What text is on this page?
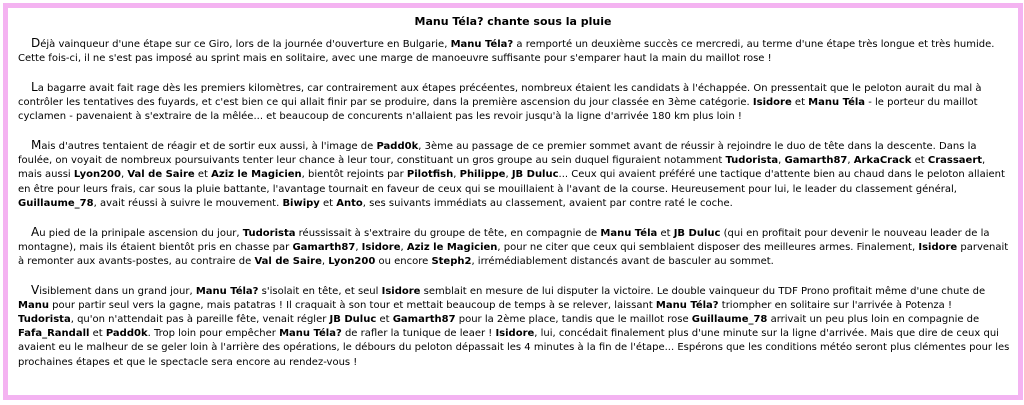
Manu Téla? chante sous la pluie

Déjà vainqueur d'une étape sur ce Giro, lors de la journée d'ouverture en Bulgarie, Manu Téla? a remporté un deuxième succès ce mercredi, au terme d'une étape très longue et très humide. Cette fois-ci, il ne s'est pas imposé au sprint mais en solitaire, avec une marge de manoeuvre suffisante pour s'emparer haut la main du maillot rose !

La bagarre avait fait rage dès les premiers kilomètres, car contrairement aux étapes précéentes, nombreux étaient les candidats à l'échappée. On pressentait que le peloton aurait du mal à contrôler les tentatives des fuyards, et c'est bien ce qui allait finir par se produire, dans la première ascension du jour classée en 3ème catégorie. Isidore et Manu Téla - le porteur du maillot cyclamen - pavenaient à s'extraire de la mêlée... et beaucoup de concurents n'allaient pas les revoir jusqu'à la ligne d'arrivée 180 km plus loin !

Mais d'autres tentaient de réagir et de sortir eux aussi, à l'image de Padd0k, 3ème au passage de ce premier sommet avant de réussir à rejoindre le duo de tête dans la descente. Dans la foulée, on voyait de nombreux poursuivants tenter leur chance à leur tour, constituant un gros groupe au sein duquel figuraient notamment Tudorista, Gamarth87, ArkaCrack et Crassaert, mais aussi Lyon200, Val de Saire et Aziz le Magicien, bientôt rejoints par Pilotfish, Philippe, JB Duluc... Ceux qui avaient préféré une tactique d'attente bien au chaud dans le peloton allaient en être pour leurs frais, car sous la pluie battante, l'avantage tournait en faveur de ceux qui se mouillaient à l'avant de la course. Heureusement pour lui, le leader du classement général, Guillaume_78, avait réussi à suivre le mouvement. Biwipy et Anto, ses suivants immédiats au classement, avaient par contre raté le coche.

Au pied de la prinipale ascension du jour, Tudorista réussissait à s'extraire du groupe de tête, en compagnie de Manu Téla et JB Duluc (qui en profitait pour devenir le nouveau leader de la montagne), mais ils étaient bientôt pris en chasse par Gamarth87, Isidore, Aziz le Magicien, pour ne citer que ceux qui semblaient disposer des meilleures armes. Finalement, Isidore parvenait à remonter aux avants-postes, au contraire de Val de Saire, Lyon200 ou encore Steph2, irrémédiablement distancés avant de basculer au sommet.

Visiblement dans un grand jour, Manu Téla? s'isolait en tête, et seul Isidore semblait en mesure de lui disputer la victoire. Le double vainqueur du TDF Prono profitait même d'une chute de Manu pour partir seul vers la gagne, mais patatras ! Il craquait à son tour et mettait beaucoup de temps à se relever, laissant Manu Téla? triompher en solitaire sur l'arrivée à Potenza ! Tudorista, qu'on n'attendait pas à pareille fête, venait régler JB Duluc et Gamarth87 pour la 2ème place, tandis que le maillot rose Guillaume_78 arrivait un peu plus loin en compagnie de Fafa_Randall et Padd0k. Trop loin pour empêcher Manu Téla? de rafler la tunique de leaer ! Isidore, lui, concédait finalement plus d'une minute sur la ligne d'arrivée. Mais que dire de ceux qui avaient eu le malheur de se geler loin à l'arrière des opérations, le débours du peloton dépassait les 4 minutes à la fin de l'étape... Espérons que les conditions météo seront plus clémentes pour les prochaines étapes et que le spectacle sera encore au rendez-vous !
